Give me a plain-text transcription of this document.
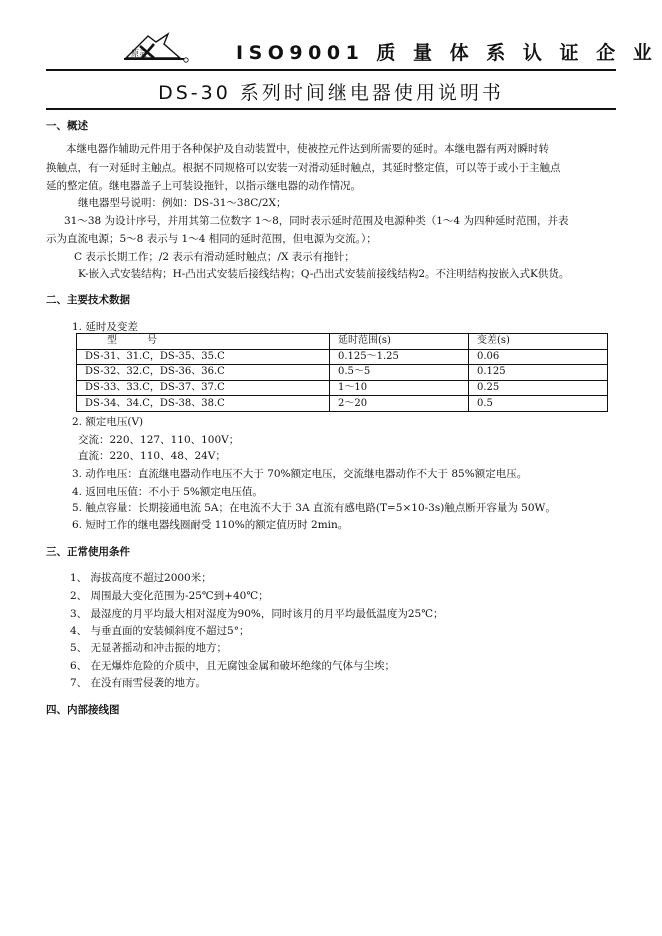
原灵	ISO9001 质 量 体 系 认 证 企 业
DS-30 系列时间继电器使用说明书
一、概述
本继电器作辅助元件用于各种保护及自动装置中，使被控元件达到所需要的延时。本继电器有两对瞬时转
换触点，有一对延时主触点。根据不同规格可以安装一对滑动延时触点，其延时整定值，可以等于或小于主触点
延的整定值。继电器盖子上可装设拖针，以指示继电器的动作情况。
继电器型号说明：例如：DS-31～38C/2X；
31～38 为设计序号，并用其第二位数字 1～8，同时表示延时范围及电源种类（1～4 为四种延时范围，并表
示为直流电源；5～8 表示与 1～4 相同的延时范围，但电源为交流。）；
C 表示长期工作；/2 表示有滑动延时触点；/X 表示有拖针；
K-嵌入式安装结构；H-凸出式安装后接线结构；Q-凸出式安装前接线结构2。不注明结构按嵌入式K供货。
二、主要技术数据
1. 延时及变差
型　　　号	延时范围(s)	变差(s)
DS-31、31.C，DS-35、35.C	0.125～1.25	0.06
DS-32、32.C，DS-36、36.C	0.5～5	0.125
DS-33、33.C，DS-37、37.C	1～10	0.25
DS-34、34.C，DS-38、38.C	2～20	0.5
2. 额定电压(V)
交流：220、127、110、100V；
直流：220、110、48、24V；
3. 动作电压：直流继电器动作电压不大于 70%额定电压，交流继电器动作不大于 85%额定电压。
4. 返回电压值：不小于 5%额定电压值。
5. 触点容量：长期接通电流 5A；在电流不大于 3A 直流有感电路(T=5×10-3s)触点断开容量为 50W。
6. 短时工作的继电器线圈耐受 110%的额定值历时 2min。
三、正常使用条件
1、 海拔高度不超过2000米；
2、 周围最大变化范围为-25℃到+40℃；
3、 最湿度的月平均最大相对湿度为90%，同时该月的月平均最低温度为25℃；
4、 与垂直面的安装倾斜度不超过5°；
5、 无显著摇动和冲击振的地方；
6、 在无爆炸危险的介质中，且无腐蚀金属和破坏绝缘的气体与尘埃；
7、 在没有雨雪侵袭的地方。
四、内部接线图
